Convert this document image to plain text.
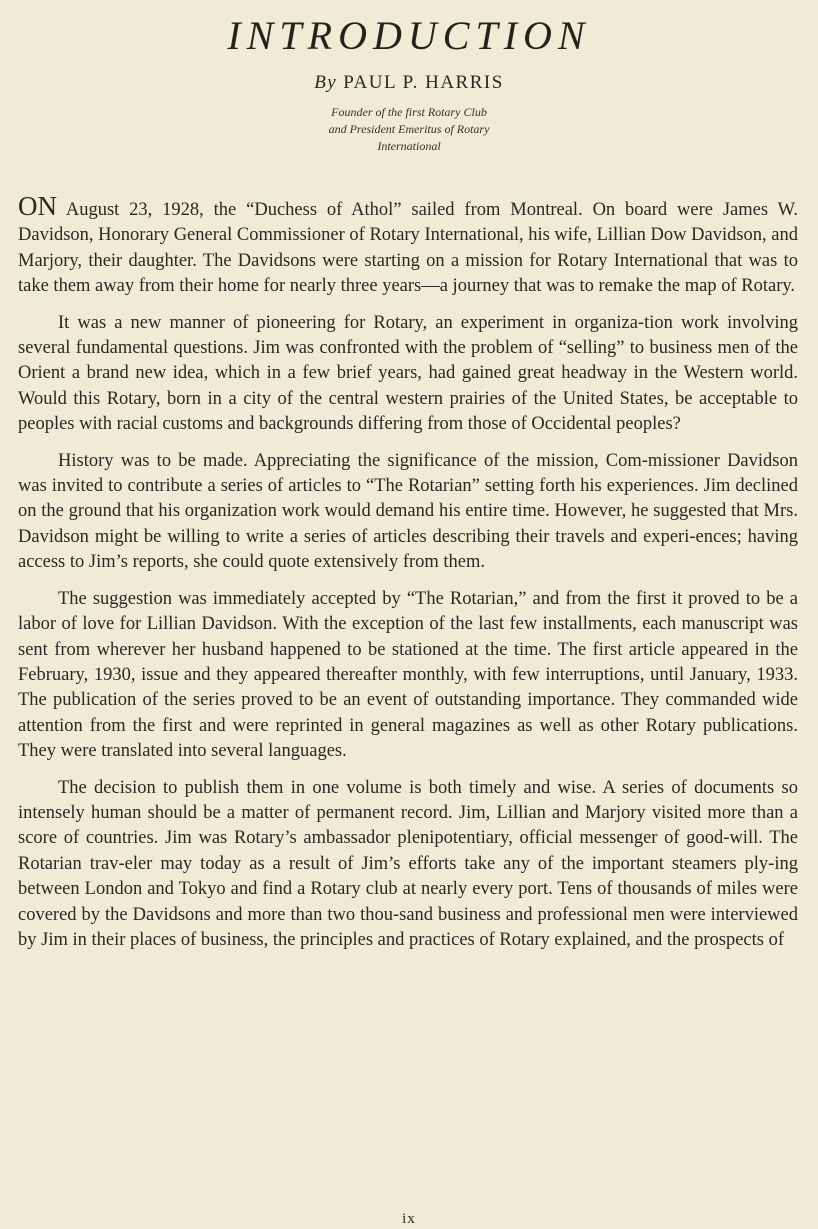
INTRODUCTION
By PAUL P. HARRIS
Founder of the first Rotary Club
and President Emeritus of Rotary
International

ON August 23, 1928, the “Duchess of Athol” sailed from Montreal. On board were James W. Davidson, Honorary General Commissioner of Rotary International, his wife, Lillian Dow Davidson, and Marjory, their daughter. The Davidsons were starting on a mission for Rotary International that was to take them away from their home for nearly three years—a journey that was to remake the map of Rotary.

It was a new manner of pioneering for Rotary, an experiment in organiza-tion work involving several fundamental questions. Jim was confronted with the problem of “selling” to business men of the Orient a brand new idea, which in a few brief years, had gained great headway in the Western world. Would this Rotary, born in a city of the central western prairies of the United States, be acceptable to peoples with racial customs and backgrounds differing from those of Occidental peoples?

History was to be made. Appreciating the significance of the mission, Com-missioner Davidson was invited to contribute a series of articles to “The Rotarian” setting forth his experiences. Jim declined on the ground that his organization work would demand his entire time. However, he suggested that Mrs. Davidson might be willing to write a series of articles describing their travels and experi-ences; having access to Jim’s reports, she could quote extensively from them.

The suggestion was immediately accepted by “The Rotarian,” and from the first it proved to be a labor of love for Lillian Davidson. With the exception of the last few installments, each manuscript was sent from wherever her husband happened to be stationed at the time. The first article appeared in the February, 1930, issue and they appeared thereafter monthly, with few interruptions, until January, 1933. The publication of the series proved to be an event of outstanding importance. They commanded wide attention from the first and were reprinted in general magazines as well as other Rotary publications. They were translated into several languages.

The decision to publish them in one volume is both timely and wise. A series of documents so intensely human should be a matter of permanent record. Jim, Lillian and Marjory visited more than a score of countries. Jim was Rotary’s ambassador plenipotentiary, official messenger of good-will. The Rotarian trav-eler may today as a result of Jim’s efforts take any of the important steamers ply-ing between London and Tokyo and find a Rotary club at nearly every port. Tens of thousands of miles were covered by the Davidsons and more than two thou-sand business and professional men were interviewed by Jim in their places of business, the principles and practices of Rotary explained, and the prospects of

ix
